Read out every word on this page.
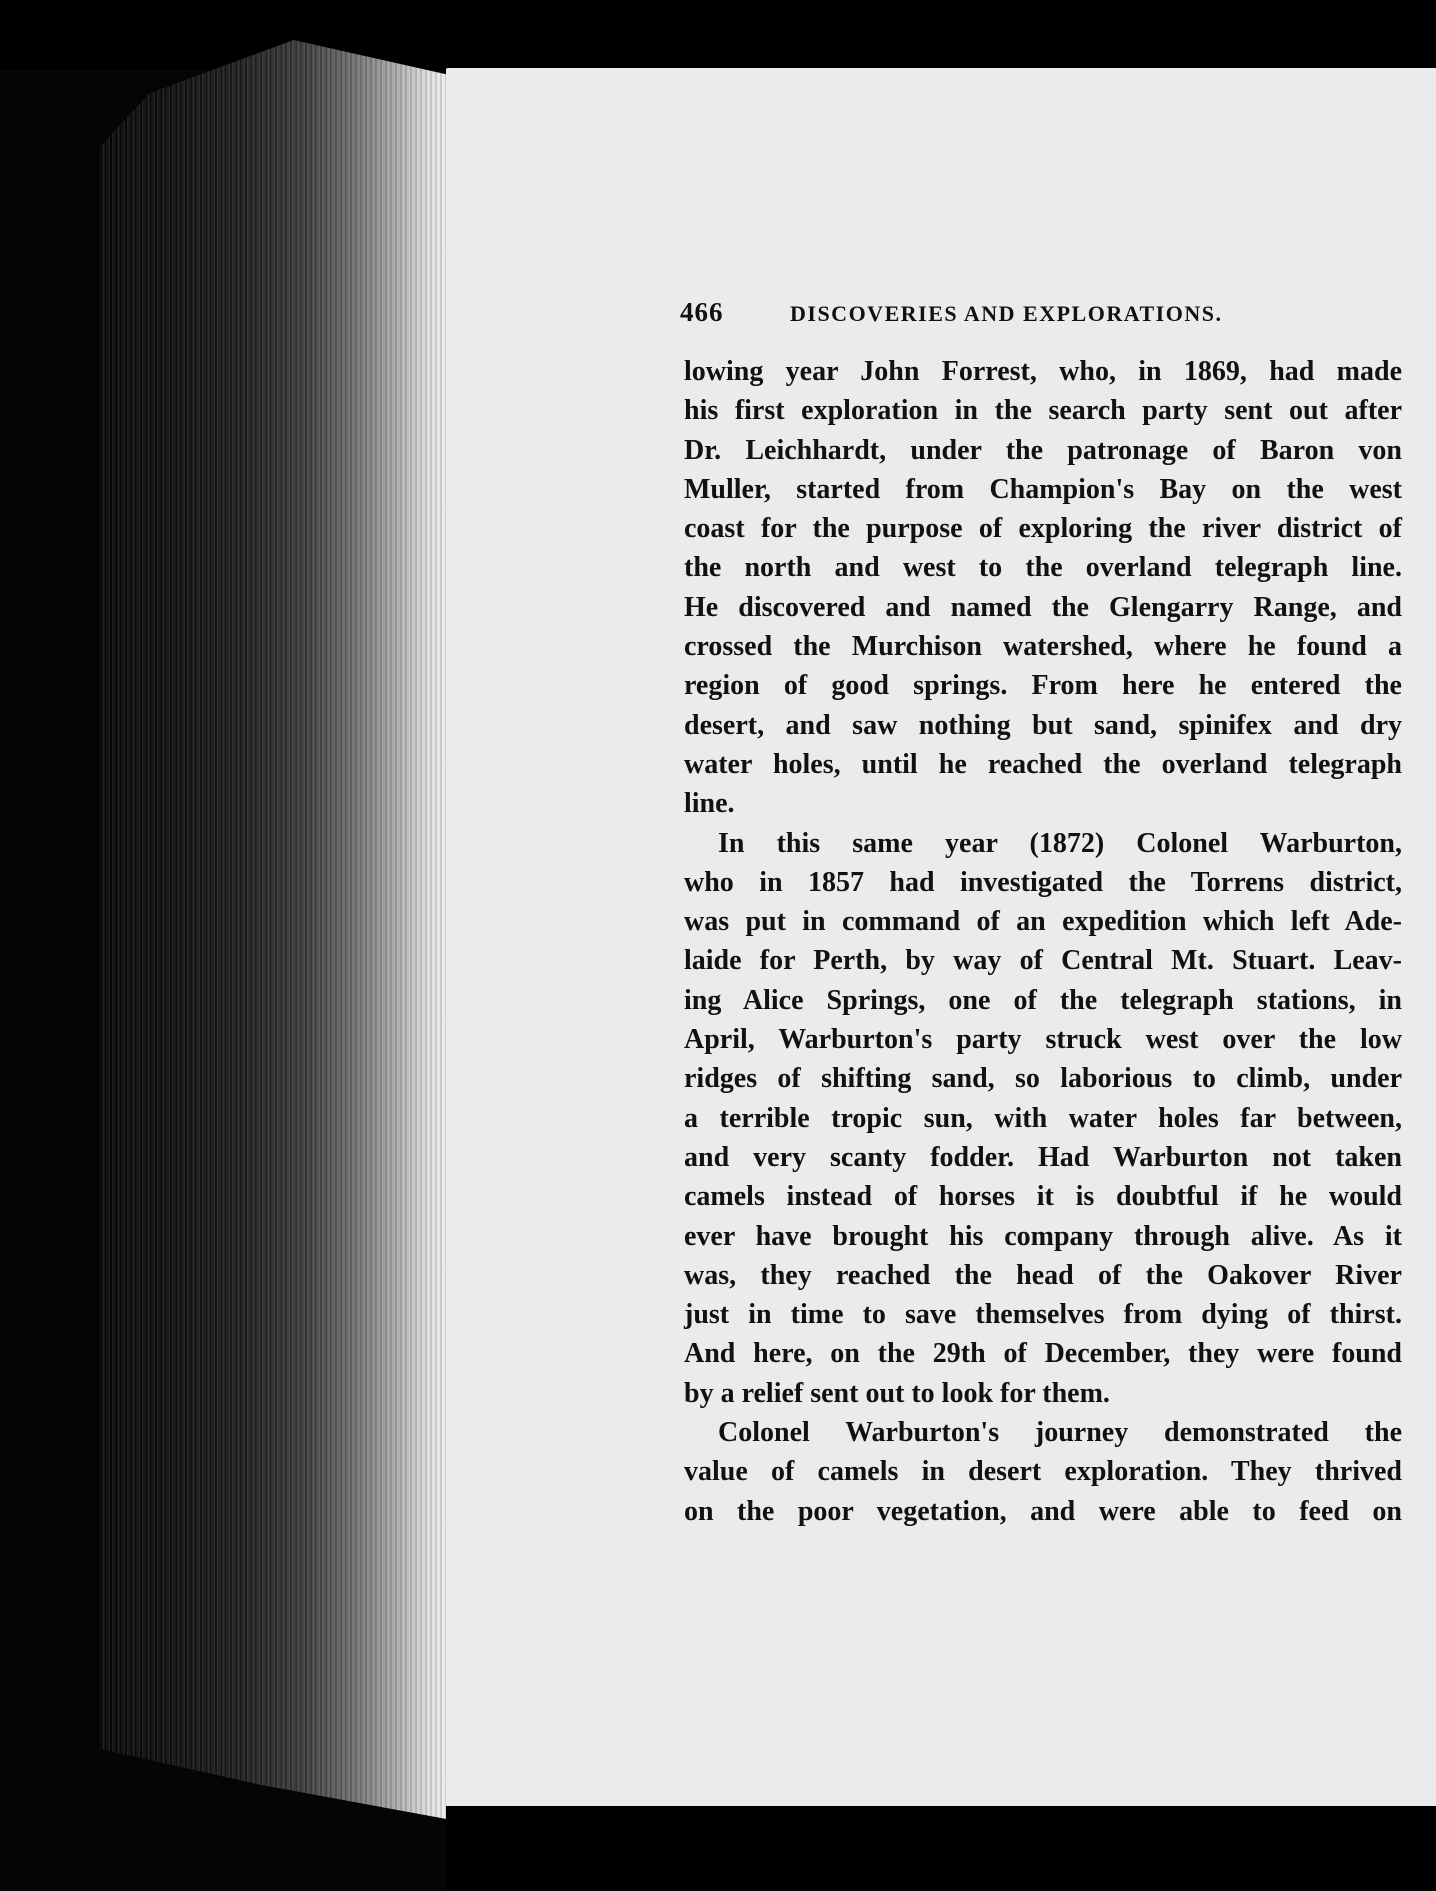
466	DISCOVERIES AND EXPLORATIONS.
lowing year John Forrest, who, in 1869, had made
his first exploration in the search party sent out after
Dr. Leichhardt, under the patronage of Baron von
Muller, started from Champion's Bay on the west
coast for the purpose of exploring the river district of
the north and west to the overland telegraph line.
He discovered and named the Glengarry Range, and
crossed the Murchison watershed, where he found a
region of good springs. From here he entered the
desert, and saw nothing but sand, spinifex and dry
water holes, until he reached the overland telegraph
line.
In this same year (1872) Colonel Warburton,
who in 1857 had investigated the Torrens district,
was put in command of an expedition which left Ade-
laide for Perth, by way of Central Mt. Stuart. Leav-
ing Alice Springs, one of the telegraph stations, in
April, Warburton's party struck west over the low
ridges of shifting sand, so laborious to climb, under
a terrible tropic sun, with water holes far between,
and very scanty fodder. Had Warburton not taken
camels instead of horses it is doubtful if he would
ever have brought his company through alive. As it
was, they reached the head of the Oakover River
just in time to save themselves from dying of thirst.
And here, on the 29th of December, they were found
by a relief sent out to look for them.
Colonel Warburton's journey demonstrated the
value of camels in desert exploration. They thrived
on the poor vegetation, and were able to feed on
